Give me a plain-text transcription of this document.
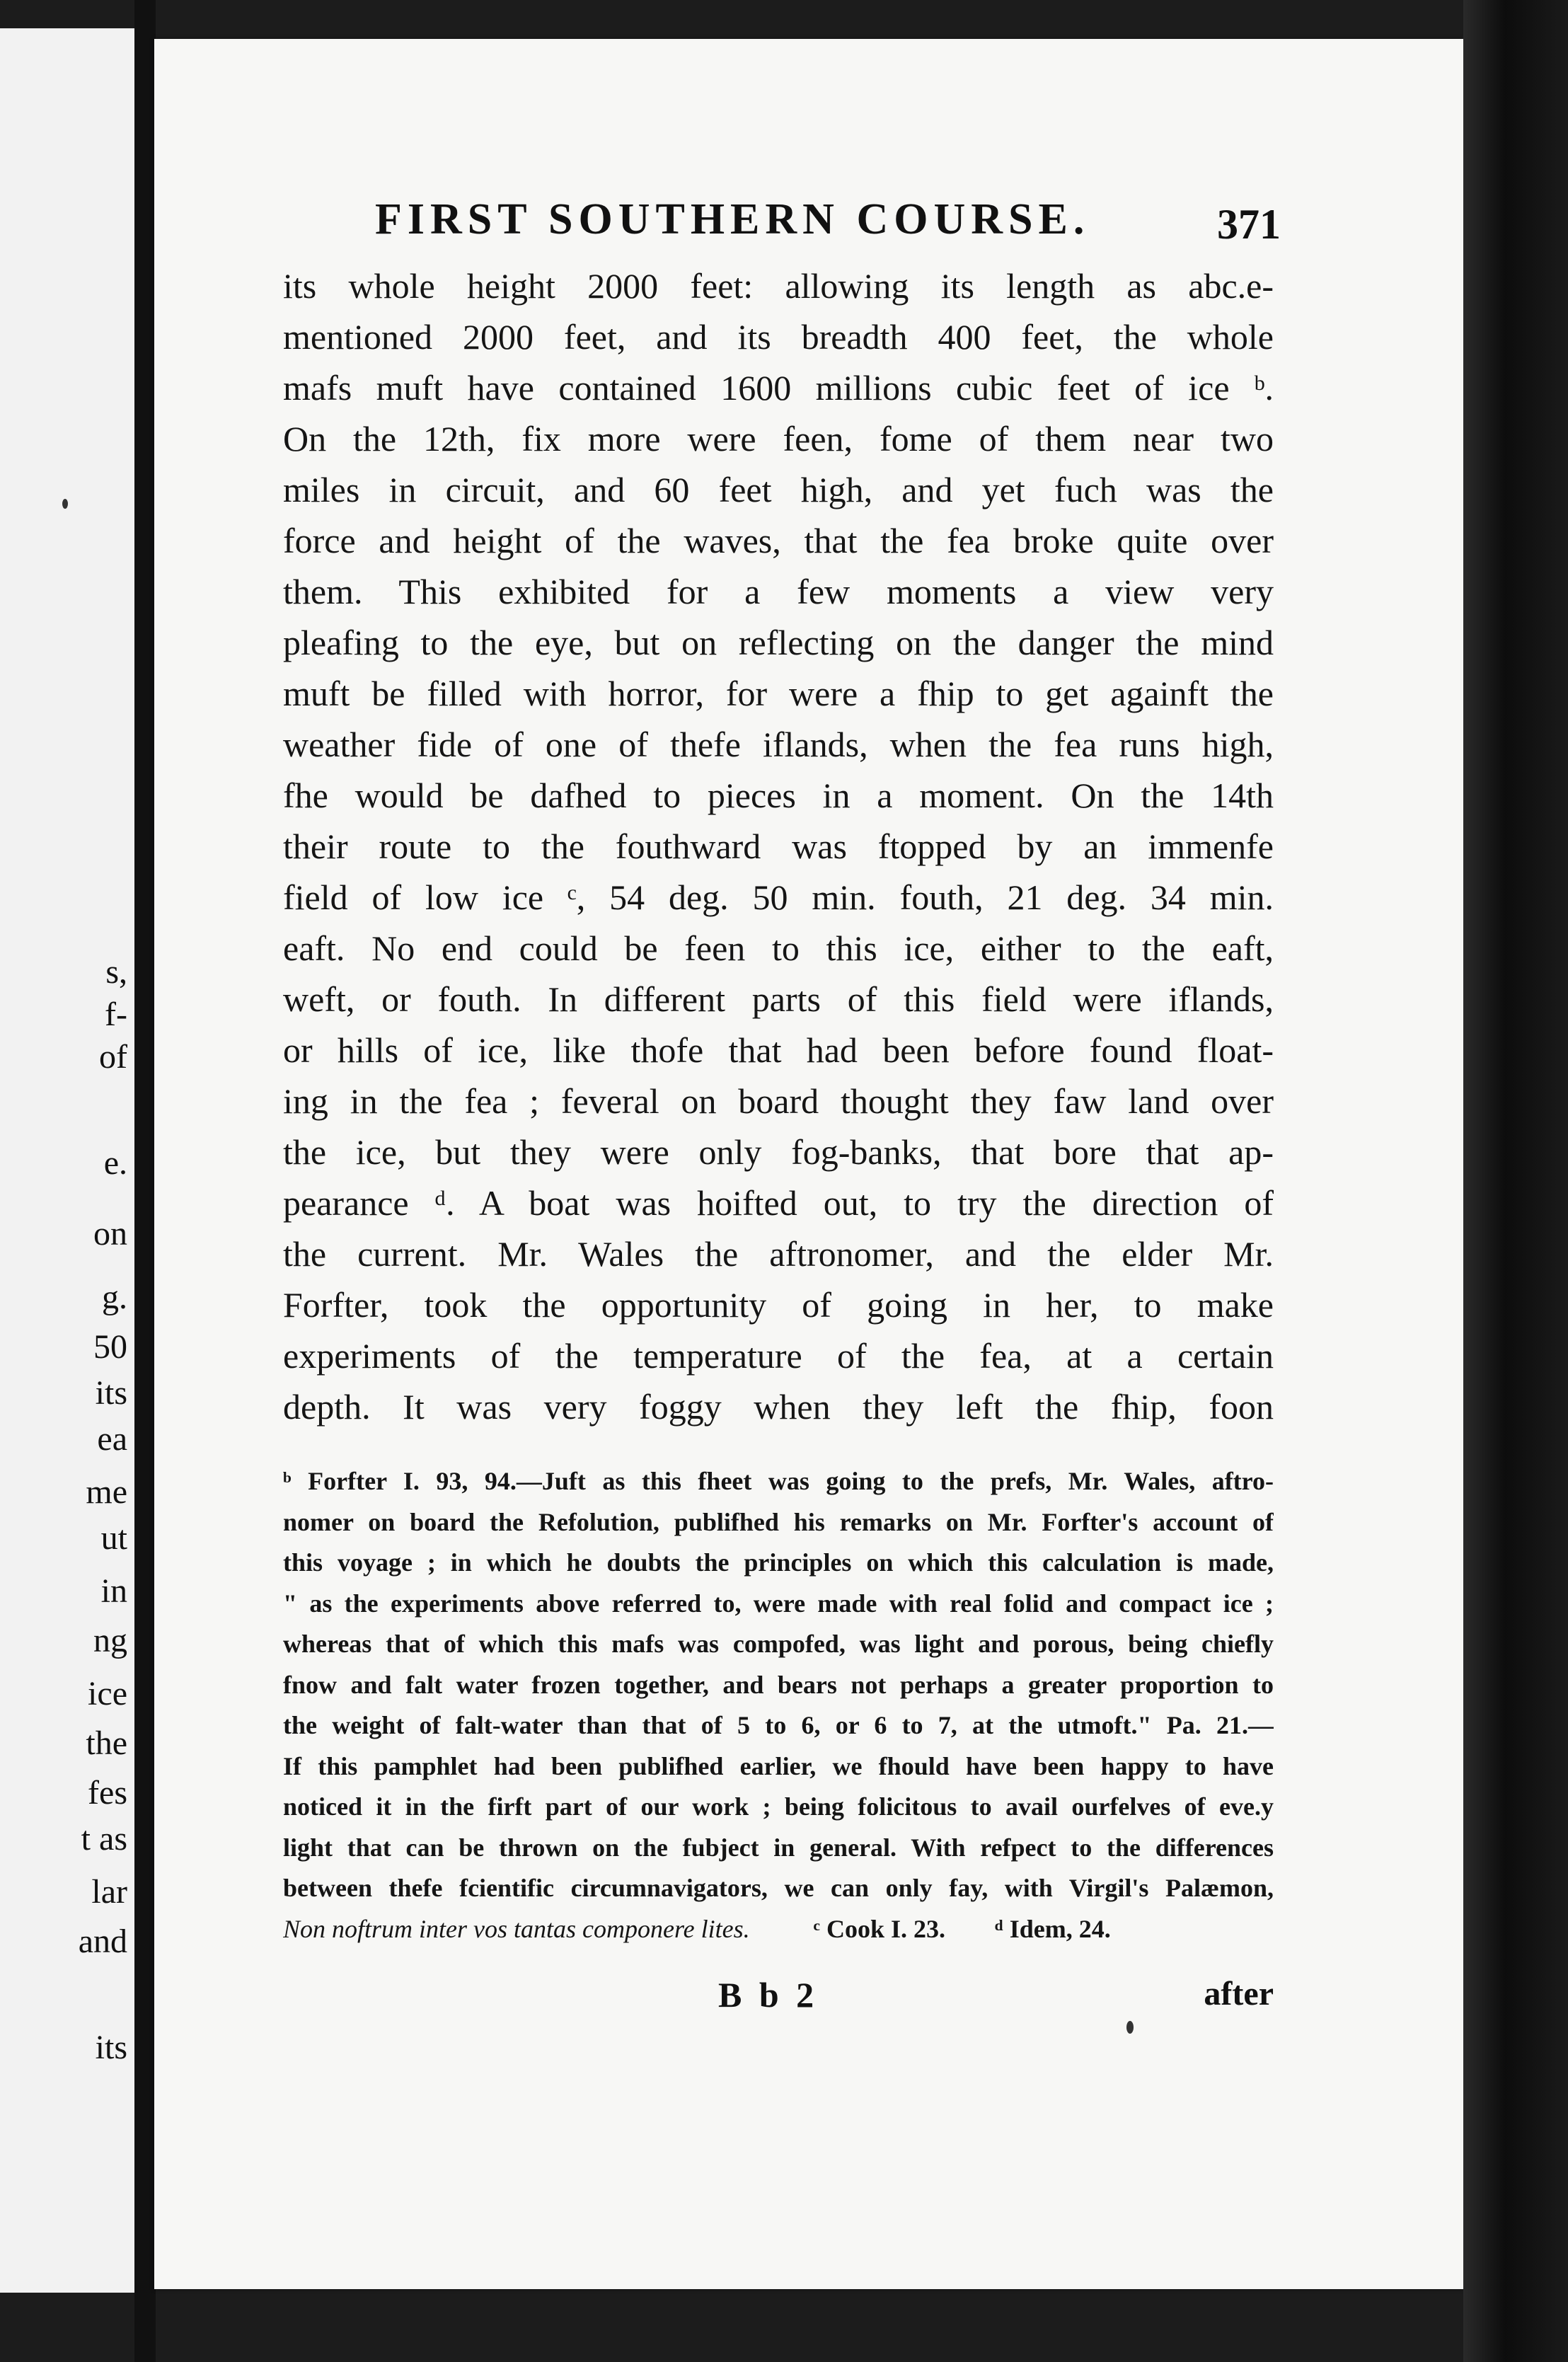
s,
f-
of
e.
on
g.
50
its
ea
me
ut
in
ng
ice
the
fes
t as
lar
and
its
FIRST SOUTHERN COURSE.	371
its whole height 2000 feet: allowing its length as abc.e-
mentioned 2000 feet, and its breadth 400 feet, the whole
mafs muft have contained 1600 millions cubic feet of ice ᵇ.
On the 12th, fix more were feen, fome of them near two
miles in circuit, and 60 feet high, and yet fuch was the
force and height of the waves, that the fea broke quite over
them. This exhibited for a few moments a view very
pleafing to the eye, but on reflecting on the danger the mind
muft be filled with horror, for were a fhip to get againft the
weather fide of one of thefe iflands, when the fea runs high,
fhe would be dafhed to pieces in a moment. On the 14th
their route to the fouthward was ftopped by an immenfe
field of low ice ᶜ, 54 deg. 50 min. fouth, 21 deg. 34 min.
eaft. No end could be feen to this ice, either to the eaft,
weft, or fouth. In different parts of this field were iflands,
or hills of ice, like thofe that had been before found float-
ing in the fea ; feveral on board thought they faw land over
the ice, but they were only fog-banks, that bore that ap-
pearance ᵈ. A boat was hoifted out, to try the direction of
the current. Mr. Wales the aftronomer, and the elder Mr.
Forfter, took the opportunity of going in her, to make
experiments of the temperature of the fea, at a certain
depth. It was very foggy when they left the fhip, foon
ᵇ Forfter I. 93, 94.—Juft as this fheet was going to the prefs, Mr. Wales, aftro-
nomer on board the Refolution, publifhed his remarks on Mr. Forfter's account of
this voyage ; in which he doubts the principles on which this calculation is made,
" as the experiments above referred to, were made with real folid and compact ice ;
whereas that of which this mafs was compofed, was light and porous, being chiefly
fnow and falt water frozen together, and bears not perhaps a greater proportion to
the weight of falt-water than that of 5 to 6, or 6 to 7, at the utmoft." Pa. 21.—
If this pamphlet had been publifhed earlier, we fhould have been happy to have
noticed it in the firft part of our work ; being folicitous to avail ourfelves of eve.y
light that can be thrown on the fubject in general. With refpect to the differences
between thefe fcientific circumnavigators, we can only fay, with Virgil's Palæmon,
Non noftrum inter vos tantas componere lites.	ᶜ Cook I. 23. ᵈ Idem, 24.
B b 2	after
